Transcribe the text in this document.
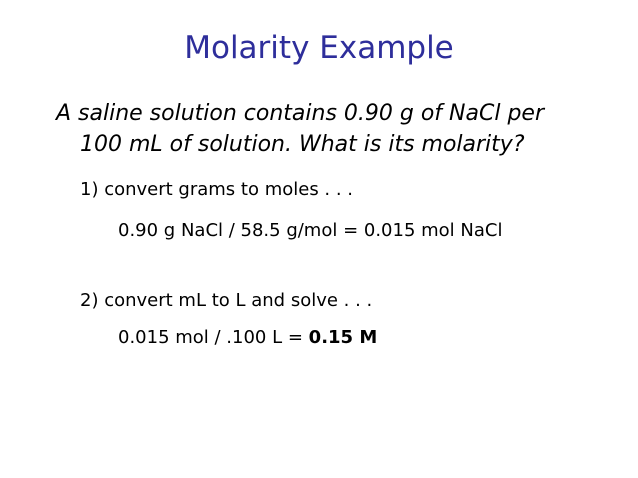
Molarity Example
A saline solution contains 0.90 g of NaCl per
100 mL of solution. What is its molarity?
1) convert grams to moles . . .
0.90 g NaCl / 58.5 g/mol = 0.015 mol NaCl
2) convert mL to L and solve . . .
0.015 mol / .100 L = 0.15 M
